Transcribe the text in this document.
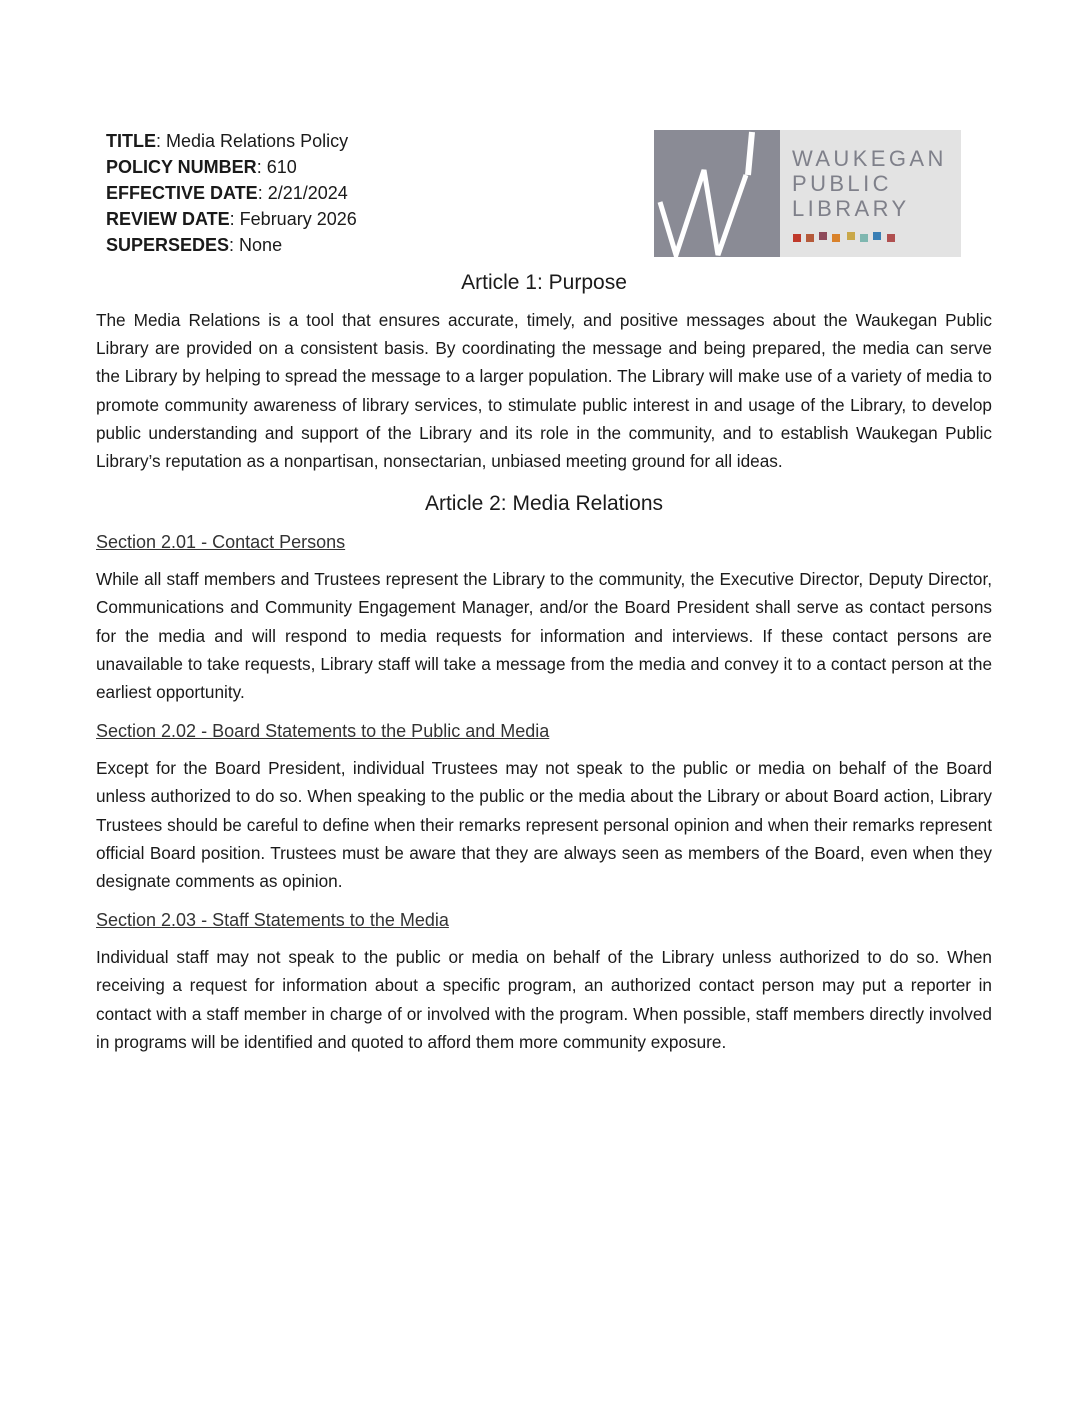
TITLE: Media Relations Policy
POLICY NUMBER: 610
EFFECTIVE DATE: 2/21/2024
REVIEW DATE: February 2026
SUPERSEDES: None
WAUKEGAN
PUBLIC
LIBRARY
Article 1: Purpose

The Media Relations is a tool that ensures accurate, timely, and positive messages about the Waukegan Public Library are provided on a consistent basis. By coordinating the message and being prepared, the media can serve the Library by helping to spread the message to a larger population. The Library will make use of a variety of media to promote community awareness of library services, to stimulate public interest in and usage of the Library, to develop public understanding and support of the Library and its role in the community, and to establish Waukegan Public Library’s reputation as a nonpartisan, nonsectarian, unbiased meeting ground for all ideas.

Article 2: Media Relations
Section 2.01 - Contact Persons

While all staff members and Trustees represent the Library to the community, the Executive Director, Deputy Director, Communications and Community Engagement Manager, and/or the Board President shall serve as contact persons for the media and will respond to media requests for information and interviews. If these contact persons are unavailable to take requests, Library staff will take a message from the media and convey it to a contact person at the earliest opportunity.

Section 2.02 - Board Statements to the Public and Media

Except for the Board President, individual Trustees may not speak to the public or media on behalf of the Board unless authorized to do so. When speaking to the public or the media about the Library or about Board action, Library Trustees should be careful to define when their remarks represent personal opinion and when their remarks represent official Board position. Trustees must be aware that they are always seen as members of the Board, even when they designate comments as opinion.

Section 2.03 - Staff Statements to the Media

Individual staff may not speak to the public or media on behalf of the Library unless authorized to do so. When receiving a request for information about a specific program, an authorized contact person may put a reporter in contact with a staff member in charge of or involved with the program. When possible, staff members directly involved in programs will be identified and quoted to afford them more community exposure.
